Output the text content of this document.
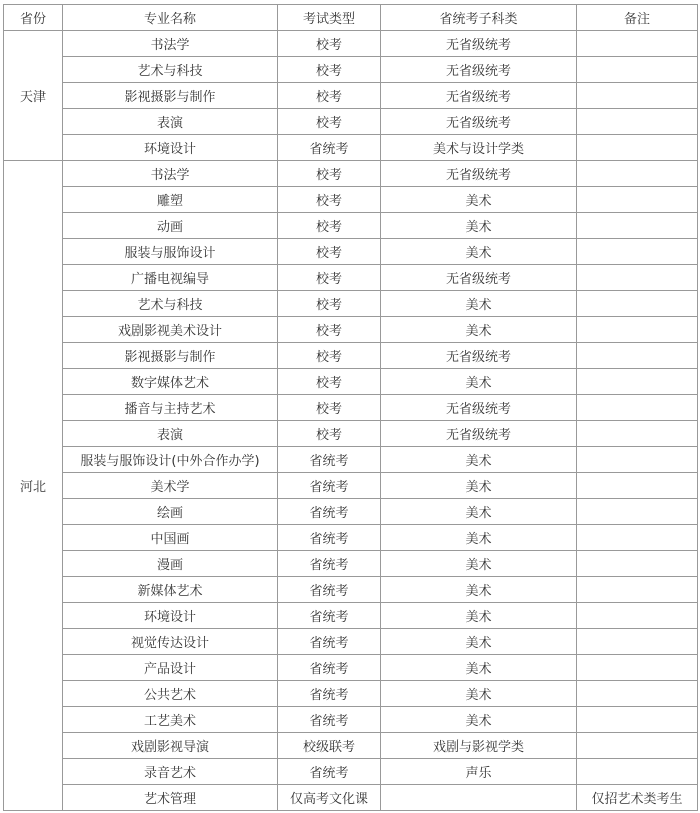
省份	专业名称	考试类型	省统考子科类	备注
天津	书法学	校考	无省级统考	
	艺术与科技	校考	无省级统考	
	影视摄影与制作	校考	无省级统考	
	表演	校考	无省级统考	
	环境设计	省统考	美术与设计学类	
河北	书法学	校考	无省级统考	
	雕塑	校考	美术	
	动画	校考	美术	
	服装与服饰设计	校考	美术	
	广播电视编导	校考	无省级统考	
	艺术与科技	校考	美术	
	戏剧影视美术设计	校考	美术	
	影视摄影与制作	校考	无省级统考	
	数字媒体艺术	校考	美术	
	播音与主持艺术	校考	无省级统考	
	表演	校考	无省级统考	
	服装与服饰设计(中外合作办学)	省统考	美术	
	美术学	省统考	美术	
	绘画	省统考	美术	
	中国画	省统考	美术	
	漫画	省统考	美术	
	新媒体艺术	省统考	美术	
	环境设计	省统考	美术	
	视觉传达设计	省统考	美术	
	产品设计	省统考	美术	
	公共艺术	省统考	美术	
	工艺美术	省统考	美术	
	戏剧影视导演	校级联考	戏剧与影视学类	
	录音艺术	省统考	声乐	
	艺术管理	仅高考文化课		仅招艺术类考生
